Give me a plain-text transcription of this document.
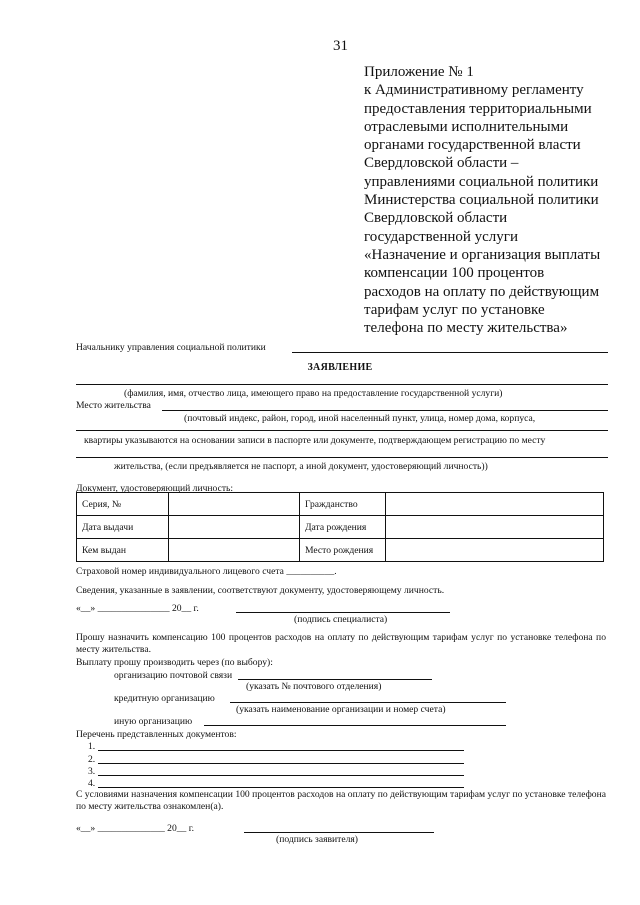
31
Приложение № 1
к Административному регламенту
предоставления территориальными
отраслевыми исполнительными
органами государственной власти
Свердловской области –
управлениями социальной политики
Министерства социальной политики
Свердловской области
государственной услуги
«Назначение и организация выплаты
компенсации 100 процентов
расходов на оплату по действующим
тарифам услуг по установке
телефона по месту жительства»
Начальнику управления социальной политики
ЗАЯВЛЕНИЕ
(фамилия, имя, отчество лица, имеющего право на предоставление государственной услуги)
Место жительства
(почтовый индекс, район, город, иной населенный пункт, улица, номер дома, корпуса,
квартиры указываются на основании записи в паспорте или документе, подтверждающем регистрацию по месту
жительства, (если предъявляется не паспорт, а иной документ, удостоверяющий личность))
Документ, удостоверяющий личность:
Серия, №		Гражданство	
Дата выдачи		Дата рождения	
Кем выдан		Место рождения	
Страховой номер индивидуального лицевого счета __________.
Сведения, указанные в заявлении, соответствуют документу, удостоверяющему личность.
«__» _______________ 20__ г.
(подпись специалиста)
Прошу назначить компенсацию 100 процентов расходов на оплату по действующим тарифам услуг по установке телефона по месту жительства.
Выплату прошу производить через (по выбору):
организацию почтовой связи
(указать № почтового отделения)
кредитную организацию
(указать наименование организации и номер счета)
иную организацию
Перечень представленных документов:
1.
2.
3.
4.
С условиями назначения компенсации 100 процентов расходов на оплату по действующим тарифам услуг по установке телефона по месту жительства ознакомлен(а).
«__» ______________ 20__ г.
(подпись заявителя)
